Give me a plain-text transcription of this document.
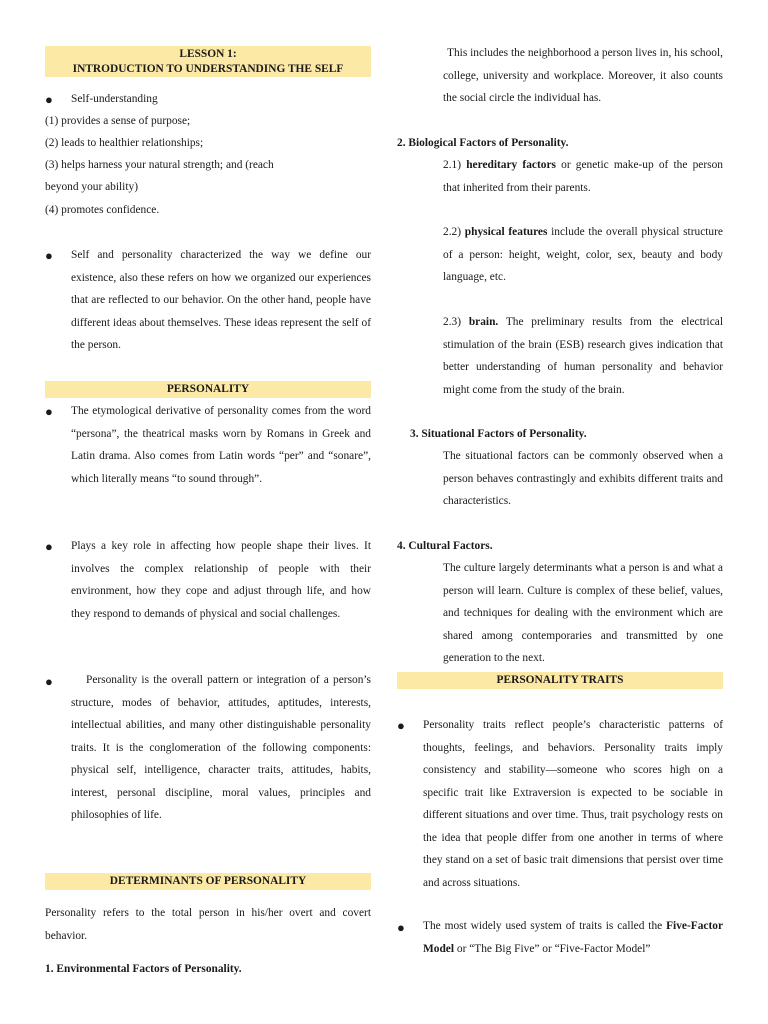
LESSON 1:
INTRODUCTION TO UNDERSTANDING THE SELF
● Self-understanding
(1) provides a sense of purpose;
(2) leads to healthier relationships;
(3) helps harness your natural strength; and (reach
beyond your ability)
(4) promotes confidence.
● Self and personality characterized the way we define our existence, also these refers on how we organized our experiences that are reflected to our behavior. On the other hand, people have different ideas about themselves. These ideas represent the self of the person.

PERSONALITY
● The etymological derivative of personality comes from the word “persona”, the theatrical masks worn by Romans in Greek and Latin drama. Also comes from Latin words “per” and “sonare”, which literally means “to sound through”.

● Plays a key role in affecting how people shape their lives. It involves the complex relationship of people with their environment, how they cope and adjust through life, and how they respond to demands of physical and social challenges.

●	Personality is the overall pattern or integration of a person’s structure, modes of behavior, attitudes, aptitudes, interests, intellectual abilities, and many other distinguishable personality traits. It is the conglomeration of the following components: physical self, intelligence, character traits, attitudes, habits, interest, personal discipline, moral values, principles and philosophies of life.

DETERMINANTS OF PERSONALITY

Personality refers to the total person in his/her overt and covert behavior.

1. Environmental Factors of Personality.

This includes the neighborhood a person lives in, his school, college, university and workplace. Moreover, it also counts the social circle the individual has.

2. Biological Factors of Personality.

2.1) hereditary factors or genetic make-up of the person that inherited from their parents.

2.2) physical features include the overall physical structure of a person: height, weight, color, sex, beauty and body language, etc.

2.3) brain. The preliminary results from the electrical stimulation of the brain (ESB) research gives indication that better understanding of human personality and behavior might come from the study of the brain.

3. Situational Factors of Personality.

The situational factors can be commonly observed when a person behaves contrastingly and exhibits different traits and characteristics.

4. Cultural Factors.

The culture largely determinants what a person is and what a person will learn. Culture is complex of these belief, values, and techniques for dealing with the environment which are shared among contemporaries and transmitted by one generation to the next.

PERSONALITY TRAITS
● Personality traits reflect people’s characteristic patterns of thoughts, feelings, and behaviors. Personality traits imply consistency and stability—someone who scores high on a specific trait like Extraversion is expected to be sociable in different situations and over time. Thus, trait psychology rests on the idea that people differ from one another in terms of where they stand on a set of basic trait dimensions that persist over time and across situations.

● The most widely used system of traits is called the Five-Factor Model or “The Big Five” or “Five-Factor Model”
